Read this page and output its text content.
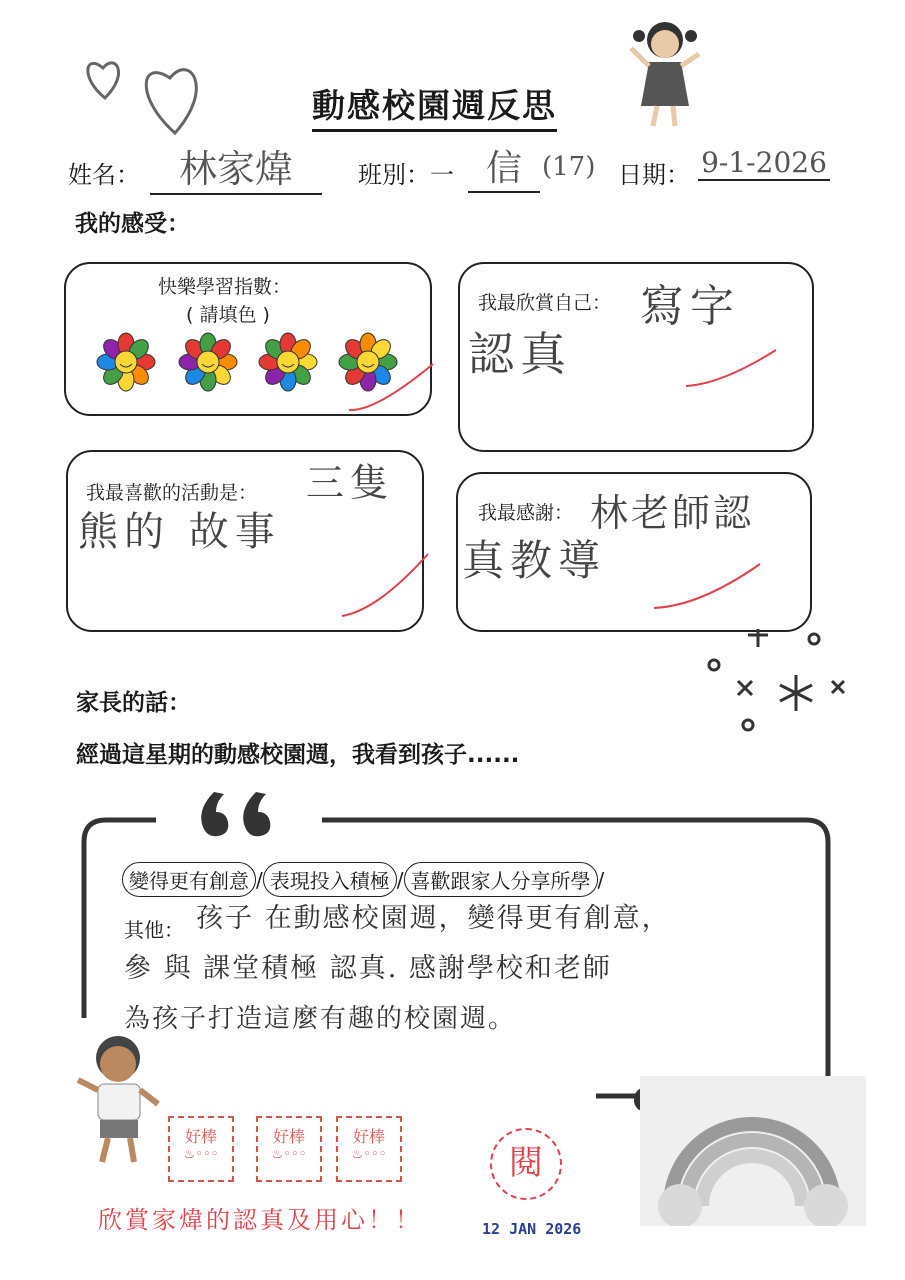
動感校園週反思
姓名：	林家煒	班別：一 信 (17) 日期： 9-1-2026
我的感受：
快樂學習指數：
( 請填色 )
我最欣賞自己： 寫字
認真
我最喜歡的活動是： 三隻
熊的 故事	我最感謝： 林老師認
真教導
家長的話：
經過這星期的動感校園週，我看到孩子......
變得更有創意 / 表現投入積極 / 喜歡跟家人分享所學 /
其他： 孩子 在動感校園週，變得更有創意，
參 與 課堂積極 認真. 感謝學校和老師
為孩子打造這麼有趣的校園週。
好棒
♨◦◦◦
好棒
♨◦◦◦
好棒
♨◦◦◦	閱
欣賞家煒的認真及用心！！	12 JAN 2026
